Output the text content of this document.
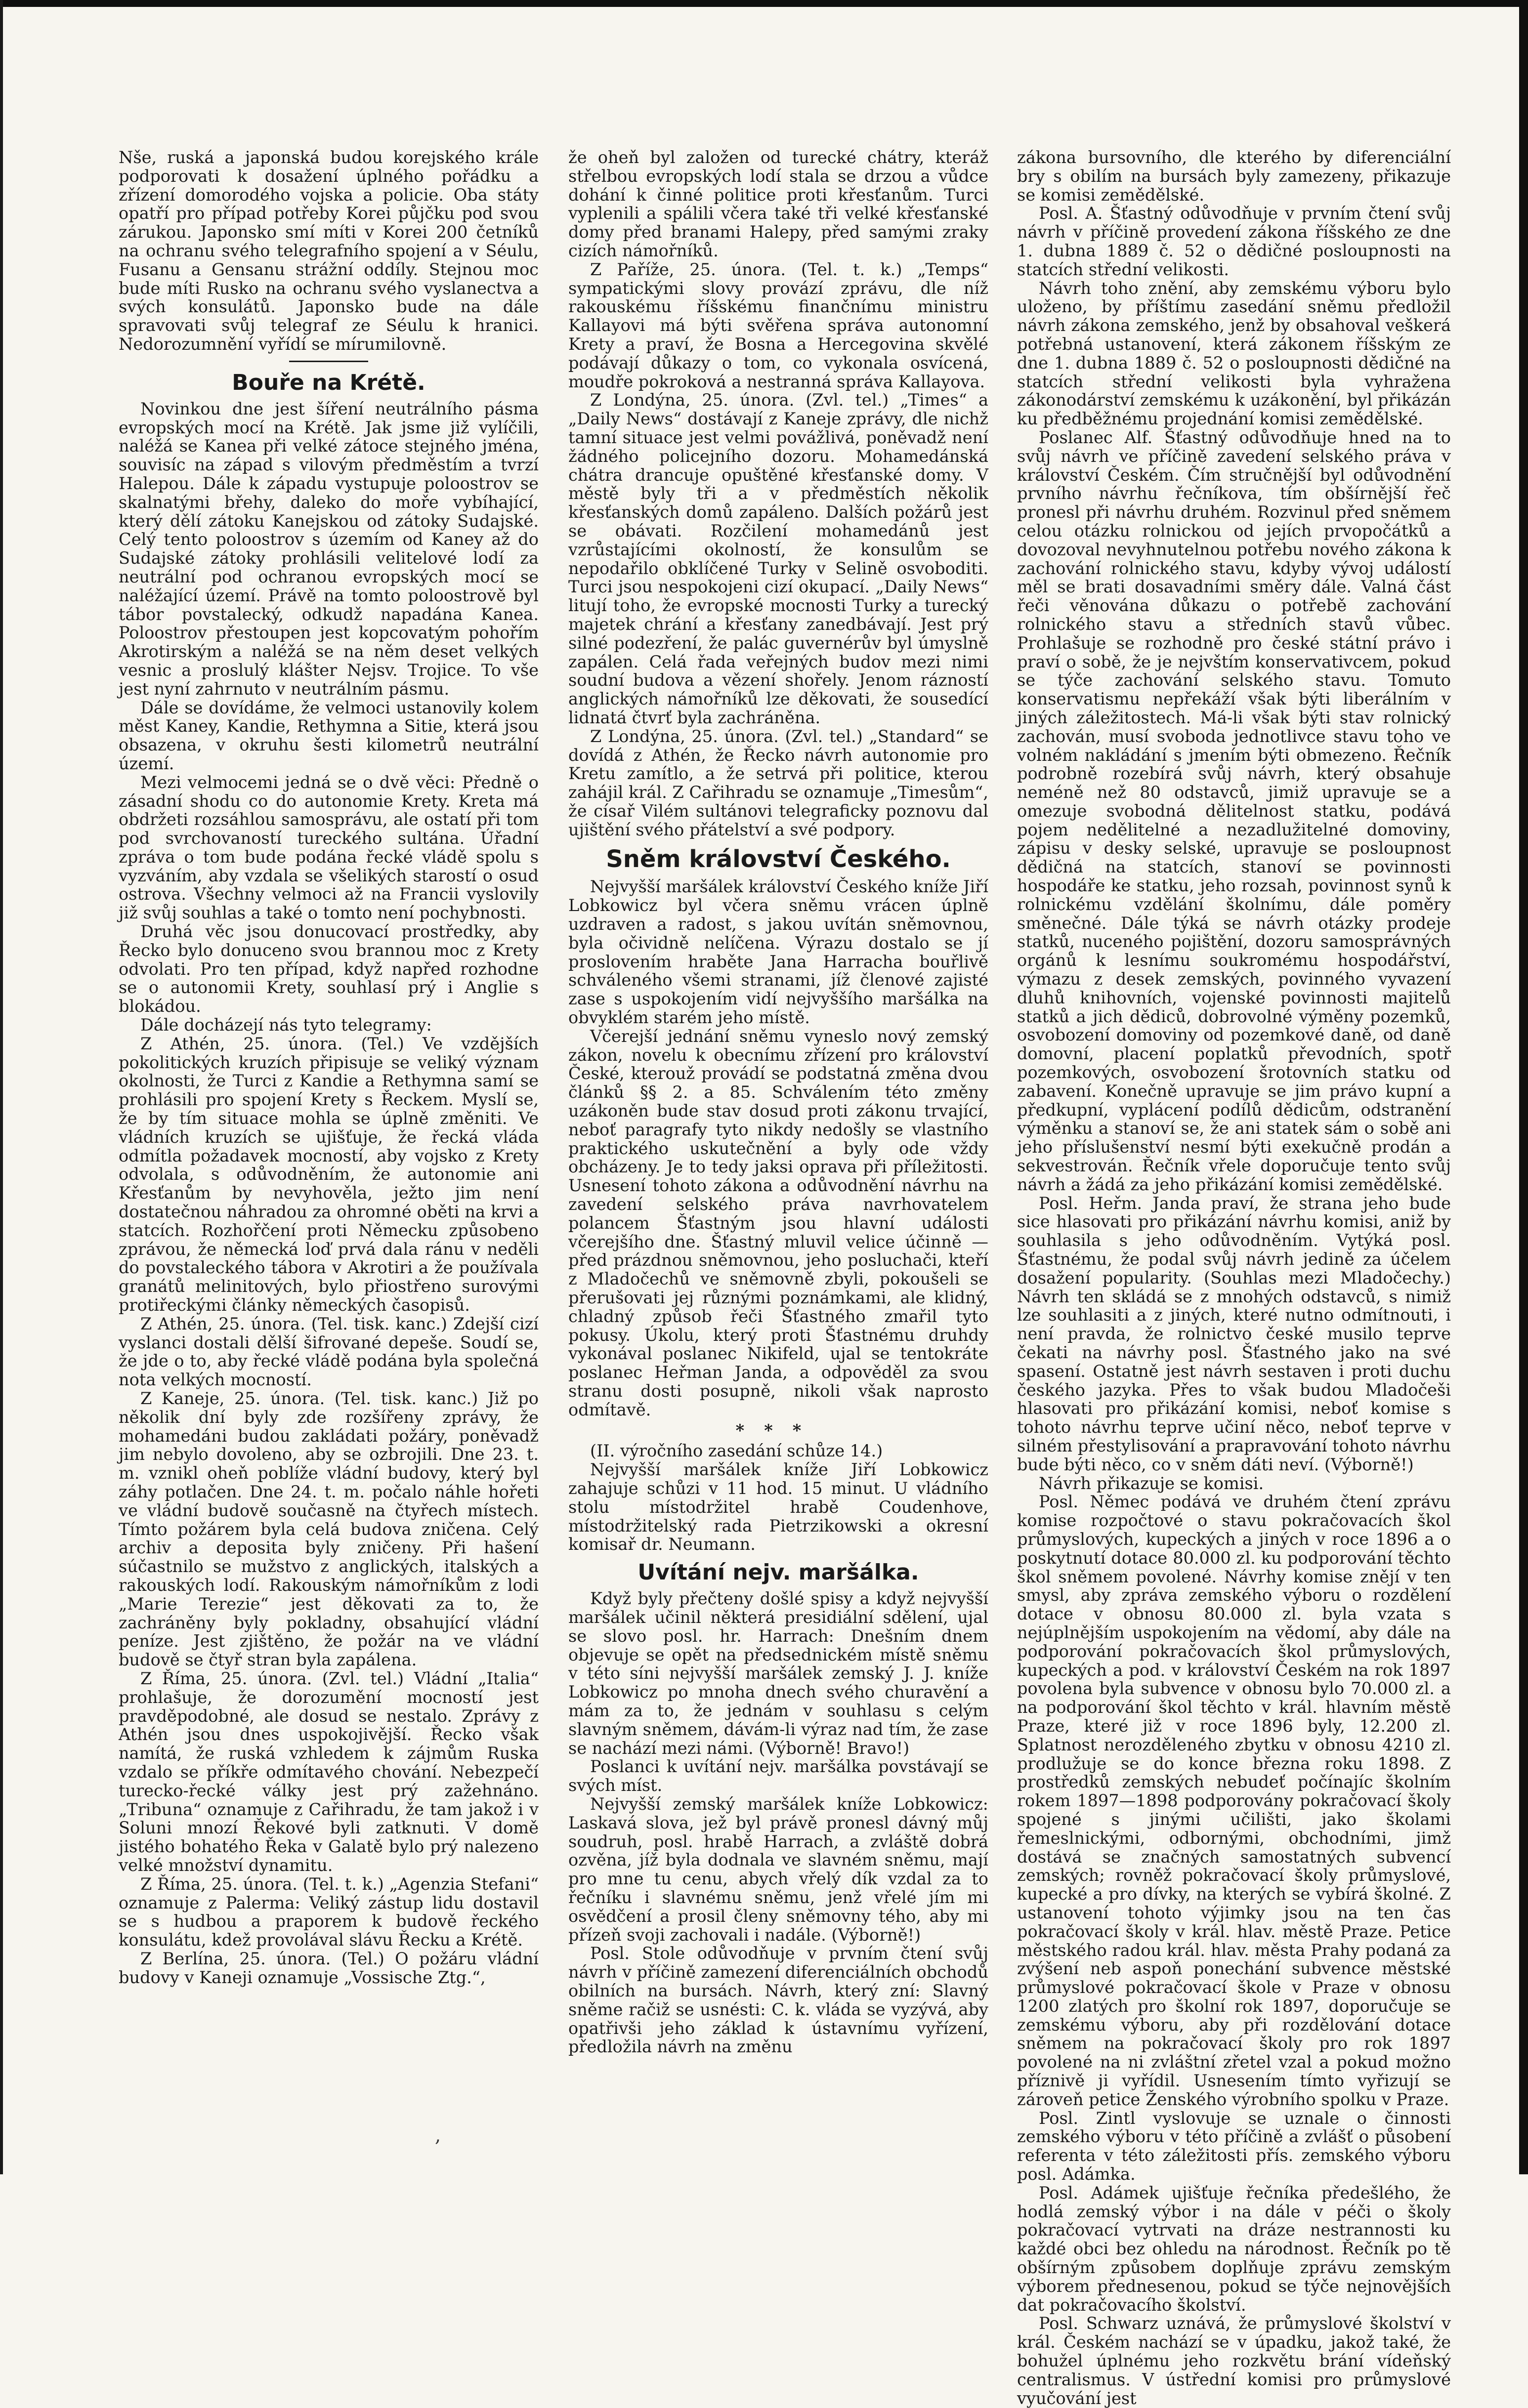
Nše, ruská a japonská budou korejského krále podporovati k dosažení úplného pořádku a zřízení domorodého vojska a policie. Oba státy opatří pro případ potřeby Korei půjčku pod svou zárukou. Japonsko smí míti v Korei 200 četníků na ochranu svého telegrafního spojení a v Séulu, Fusanu a Gensanu strážní oddíly. Stejnou moc bude míti Rusko na ochranu svého vyslanectva a svých konsulátů. Japonsko bude na dále spravovati svůj telegraf ze Séulu k hranici. Nedorozumnění vyřídí se mírumilovně.

Bouře na Krétě.

Novinkou dne jest šíření neutrálního pásma evropských mocí na Krétě. Jak jsme již vylíčili, naléžá se Kanea při velké zátoce stejného jména, souvisíc na západ s vilovým předměstím a tvrzí Halepou. Dále k západu vystupuje poloostrov se skalnatými břehy, daleko do moře vybíhající, který dělí zátoku Kanejskou od zátoky Sudajské. Celý tento poloostrov s územím od Kaney až do Sudajské zátoky prohlásili velitelové lodí za neutrální pod ochranou evropských mocí se naléžající území. Právě na tomto poloostrově byl tábor povstalecký, odkudž napadána Kanea. Poloostrov přestoupen jest kopcovatým pohořím Akrotirským a naléžá se na něm deset velkých vesnic a proslulý klášter Nejsv. Trojice. To vše jest nyní zahrnuto v neutrálním pásmu.

Dále se dovídáme, že velmoci ustanovily kolem měst Kaney, Kandie, Rethymna a Sitie, která jsou obsazena, v okruhu šesti kilometrů neutrální území.

Mezi velmocemi jedná se o dvě věci: Předně o zásadní shodu co do autonomie Krety. Kreta má obdržeti rozsáhlou samosprávu, ale ostatí při tom pod svrchovaností tureckého sultána. Úřadní zpráva o tom bude podána řecké vládě spolu s vyzváním, aby vzdala se všelikých starostí o osud ostrova. Všechny velmoci až na Francii vyslovily již svůj souhlas a také o tomto není pochybnosti.

Druhá věc jsou donucovací prostředky, aby Řecko bylo donuceno svou brannou moc z Krety odvolati. Pro ten případ, když napřed rozhodne se o autonomii Krety, souhlasí prý i Anglie s blokádou.

Dále docházejí nás tyto telegramy:

Z Athén, 25. února. (Tel.) Ve vzdějších pokolitických kruzích připisuje se veliký význam okolnosti, že Turci z Kandie a Rethymna samí se prohlásili pro spojení Krety s Řeckem. Myslí se, že by tím situace mohla se úplně změniti. Ve vládních kruzích se ujišťuje, že řecká vláda odmítla požadavek mocností, aby vojsko z Krety odvolala, s odůvodněním, že autonomie ani Křesťanům by nevyhověla, ježto jim není dostatečnou náhradou za ohromné oběti na krvi a statcích. Rozhořčení proti Německu způsobeno zprávou, že německá loď prvá dala ránu v neděli do povstaleckého tábora v Akrotiri a že používala granátů melinitových, bylo přiostřeno surovými protiřeckými články německých časopisů.

Z Athén, 25. února. (Tel. tisk. kanc.) Zdejší cizí vyslanci dostali dělší šifrované depeše. Soudí se, že jde o to, aby řecké vládě podána byla společná nota velkých mocností.

Z Kaneje, 25. února. (Tel. tisk. kanc.) Již po několik dní byly zde rozšířeny zprávy, že mohamedáni budou zakládati požáry, poněvadž jim nebylo dovoleno, aby se ozbrojili. Dne 23. t. m. vznikl oheň poblíže vládní budovy, který byl záhy potlačen. Dne 24. t. m. počalo náhle hořeti ve vládní budově současně na čtyřech místech. Tímto požárem byla celá budova zničena. Celý archiv a deposita byly zničeny. Při hašení súčastnilo se mužstvo z anglických, italských a rakouských lodí. Rakouským námořníkům z lodi „Marie Terezie“ jest děkovati za to, že zachráněny byly pokladny, obsahující vládní peníze. Jest zjištěno, že požár na ve vládní budově se čtyř stran byla zapálena.

Z Říma, 25. února. (Zvl. tel.) Vládní „Italia“ prohlašuje, že dorozumění mocností jest pravděpodobné, ale dosud se nestalo. Zprávy z Athén jsou dnes uspokojivější. Řecko však namítá, že ruská vzhledem k zájmům Ruska vzdalo se příkře odmítavého chování. Nebezpečí turecko-řecké války jest prý zažehnáno. „Tribuna“ oznamuje z Cařihradu, že tam jakož i v Soluni mnozí Řekové byli zatknuti. V domě jistého bohatého Řeka v Galatě bylo prý nalezeno velké množství dynamitu.

Z Říma, 25. února. (Tel. t. k.) „Agenzia Stefani“ oznamuje z Palerma: Veliký zástup lidu dostavil se s hudbou a praporem k budově řeckého konsulátu, kdež provolával slávu Řecku a Krétě.

Z Berlína, 25. února. (Tel.) O požáru vládní budovy v Kaneji oznamuje „Vossische Ztg.“,

že oheň byl založen od turecké chátry, kteráž střelbou evropských lodí stala se drzou a vůdce dohání k činné politice proti křesťanům. Turci vyplenili a spálili včera také tři velké křesťanské domy před branami Halepy, před samými zraky cizích námořníků.

Z Paříže, 25. února. (Tel. t. k.) „Temps“ sympatickými slovy provází zprávu, dle níž rakouskému říšskému finančnímu ministru Kallayovi má býti svěřena správa autonomní Krety a praví, že Bosna a Hercegovina skvělé podávají důkazy o tom, co vykonala osvícená, moudře pokroková a nestranná správa Kallayova.

Z Londýna, 25. února. (Zvl. tel.) „Times“ a „Daily News“ dostávají z Kaneje zprávy, dle nichž tamní situace jest velmi povážlivá, poněvadž není žádného policejního dozoru. Mohamedánská chátra drancuje opuštěné křesťanské domy. V městě byly tři a v předměstích několik křesťanských domů zapáleno. Dalších požárů jest se obávati. Rozčilení mohamedánů jest vzrůstajícími okolností, že konsulům se nepodařilo obklíčené Turky v Selině osvoboditi. Turci jsou nespokojeni cizí okupací. „Daily News“ litují toho, že evropské mocnosti Turky a turecký majetek chrání a křesťany zanedbávají. Jest prý silné podezření, že palác guvernérův byl úmyslně zapálen. Celá řada veřejných budov mezi nimi soudní budova a vězení shořely. Jenom rázností anglických námořníků lze děkovati, že sousedící lidnatá čtvrť byla zachráněna.

Z Londýna, 25. února. (Zvl. tel.) „Standard“ se dovídá z Athén, že Řecko návrh autonomie pro Kretu zamítlo, a že setrvá při politice, kterou zahájil král. Z Cařihradu se oznamuje „Timesům“, že císař Vilém sultánovi telegraficky poznovu dal ujištění svého přátelství a své podpory.

Sněm království Českého.

Nejvyšší maršálek království Českého kníže Jiří Lobkowicz byl včera sněmu vrácen úplně uzdraven a radost, s jakou uvítán sněmovnou, byla očividně nelíčena. Výrazu dostalo se jí proslovením hraběte Jana Harracha bouřlivě schváleného všemi stranami, jíž členové zajisté zase s uspokojením vidí nejvyššího maršálka na obvyklém starém jeho místě.

Včerejší jednání sněmu vyneslo nový zemský zákon, novelu k obecnímu zřízení pro království České, kterouž provádí se podstatná změna dvou článků §§ 2. a 85. Schválením této změny uzákoněn bude stav dosud proti zákonu trvající, neboť paragrafy tyto nikdy nedošly se vlastního praktického uskutečnění a byly ode vždy obcházeny. Je to tedy jaksi oprava při příležitosti. Usnesení tohoto zákona a odůvodnění návrhu na zavedení selského práva navrhovatelem polancem Šťastným jsou hlavní události včerejšího dne. Šťastný mluvil velice účinně — před prázdnou sněmovnou, jeho posluchači, kteří z Mladočechů ve sněmovně zbyli, pokoušeli se přerušovati jej různými poznámkami, ale klidný, chladný způsob řeči Šťastného zmařil tyto pokusy. Úkolu, který proti Šťastnému druhdy vykonával poslanec Nikifeld, ujal se tentokráte poslanec Heřman Janda, a odpověděl za svou stranu dosti posupně, nikoli však naprosto odmítavě.

***

(II. výročního zasedání schůze 14.)

Nejvyšší maršálek kníže Jiří Lobkowicz zahajuje schůzi v 11 hod. 15 minut. U vládního stolu místodržitel hrabě Coudenhove, místodržitelský rada Pietrzikowski a okresní komisař dr. Neumann.

Uvítání nejv. maršálka.

Když byly přečteny došlé spisy a když nejvyšší maršálek učinil některá presidiální sdělení, ujal se slovo posl. hr. Harrach: Dnešním dnem objevuje se opět na předsednickém místě sněmu v této síni nejvyšší maršálek zemský J. J. kníže Lobkowicz po mnoha dnech svého churavění a mám za to, že jednám v souhlasu s celým slavným sněmem, dávám-li výraz nad tím, že zase se nachází mezi námi. (Výborně! Bravo!)

Poslanci k uvítání nejv. maršálka povstávají se svých míst.

Nejvyšší zemský maršálek kníže Lobkowicz: Laskavá slova, jež byl právě pronesl dávný můj soudruh, posl. hrabě Harrach, a zvláště dobrá ozvěna, jíž byla dodnala ve slavném sněmu, mají pro mne tu cenu, abych vřelý dík vzdal za to řečníku i slavnému sněmu, jenž vřelé jím mi osvědčení a prosil členy sněmovny tého, aby mi přízeň svoji zachovali i nadále. (Výborně!)

Posl. Stole odůvodňuje v prvním čtení svůj návrh v příčině zamezení diferenciálních obchodů obilních na bursách. Návrh, který zní: Slavný sněme račiž se usnésti: C. k. vláda se vyzývá, aby opatřivši jeho základ k ústavnímu vyřízení, předložila návrh na změnu

zákona bursovního, dle kterého by diferenciální bry s obilím na bursách byly zamezeny, přikazuje se komisi zemědělské.

Posl. A. Šťastný odůvodňuje v prvním čtení svůj návrh v příčině provedení zákona říšského ze dne 1. dubna 1889 č. 52 o dědičné posloupnosti na statcích střední velikosti.

Návrh toho znění, aby zemskému výboru bylo uloženo, by příštímu zasedání sněmu předložil návrh zákona zemského, jenž by obsahoval veškerá potřebná ustanovení, která zákonem říšským ze dne 1. dubna 1889 č. 52 o posloupnosti dědičné na statcích střední velikosti byla vyhražena zákonodárství zemskému k uzákonění, byl přikázán ku předběžnému projednání komisi zemědělské.

Poslanec Alf. Šťastný odůvodňuje hned na to svůj návrh ve příčině zavedení selského práva v království Českém. Čím stručnější byl odůvodnění prvního návrhu řečníkova, tím obšírnější řeč pronesl při návrhu druhém. Rozvinul před sněmem celou otázku rolnickou od jejích prvopočátků a dovozoval nevyhnutelnou potřebu nového zákona k zachování rolnického stavu, kdyby vývoj událostí měl se brati dosavadními směry dále. Valná část řeči věnována důkazu o potřebě zachování rolnického stavu a středních stavů vůbec. Prohlašuje se rozhodně pro české státní právo i praví o sobě, že je nejvštím konservativcem, pokud se týče zachování selského stavu. Tomuto konservatismu nepřekáží však býti liberálním v jiných záležitostech. Má-li však býti stav rolnický zachován, musí svoboda jednotlivce stavu toho ve volném nakládání s jmením býti obmezeno. Řečník podrobně rozebírá svůj návrh, který obsahuje neméně než 80 odstavců, jimiž upravuje se a omezuje svobodná dělitelnost statku, podává pojem nedělitelné a nezadlužitelné domoviny, zápisu v desky selské, upravuje se posloupnost dědičná na statcích, stanoví se povinnosti hospodáře ke statku, jeho rozsah, povinnost synů k rolnickému vzdělání školnímu, dále poměry směnečné. Dále týká se návrh otázky prodeje statků, nuceného pojištění, dozoru samosprávných orgánů k lesnímu soukromému hospodářství, výmazu z desek zemských, povinného vyvazení dluhů knihovních, vojenské povinnosti majitelů statků a jich dědiců, dobrovolné výměny pozemků, osvobození domoviny od pozemkové daně, od daně domovní, placení poplatků převodních, spotř pozemkových, osvobození šrotovních statku od zabavení. Konečně upravuje se jim právo kupní a předkupní, vyplácení podílů dědicům, odstranění výměnku a stanoví se, že ani statek sám o sobě ani jeho příslušenství nesmí býti exekučně prodán a sekvestrován. Řečník vřele doporučuje tento svůj návrh a žádá za jeho přikázání komisi zemědělské.

Posl. Heřm. Janda praví, že strana jeho bude sice hlasovati pro přikázání návrhu komisi, aniž by souhlasila s jeho odůvodněním. Vytýká posl. Šťastnému, že podal svůj návrh jedině za účelem dosažení popularity. (Souhlas mezi Mladočechy.) Návrh ten skládá se z mnohých odstavců, s nimiž lze souhlasiti a z jiných, které nutno odmítnouti, i není pravda, že rolnictvo české musilo teprve čekati na návrhy posl. Šťastného jako na své spasení. Ostatně jest návrh sestaven i proti duchu českého jazyka. Přes to však budou Mladočeši hlasovati pro přikázání komisi, neboť komise s tohoto návrhu teprve učiní něco, neboť teprve v silném přestylisování a prapravování tohoto návrhu bude býti něco, co v sněm dáti neví. (Výborně!)

Návrh přikazuje se komisi.

Posl. Němec podává ve druhém čtení zprávu komise rozpočtové o stavu pokračovacích škol průmyslových, kupeckých a jiných v roce 1896 a o poskytnutí dotace 80.000 zl. ku podporování těchto škol sněmem povolené. Návrhy komise znějí v ten smysl, aby zpráva zemského výboru o rozdělení dotace v obnosu 80.000 zl. byla vzata s nejúplnějším uspokojením na vědomí, aby dále na podporování pokračovacích škol průmyslových, kupeckých a pod. v království Českém na rok 1897 povolena byla subvence v obnosu bylo 70.000 zl. a na podporování škol těchto v král. hlavním městě Praze, které již v roce 1896 byly, 12.200 zl. Splatnost nerozděleného zbytku v obnosu 4210 zl. prodlužuje se do konce března roku 1898. Z prostředků zemských nebudeť počínajíc školním rokem 1897—1898 podporovány pokračovací školy spojené s jinými učilišti, jako školami řemeslnickými, odbornými, obchodními, jimž dostává se značných samostatných subvencí zemských; rovněž pokračovací školy průmyslové, kupecké a pro dívky, na kterých se vybírá školné. Z ustanovení tohoto výjimky jsou na ten čas pokračovací školy v král. hlav. městě Praze. Petice městského radou král. hlav. města Prahy podaná za zvýšení neb aspoň ponechání subvence městské průmyslové pokračovací škole v Praze v obnosu 1200 zlatých pro školní rok 1897, doporučuje se zemskému výboru, aby při rozdělování dotace sněmem na pokračovací školy pro rok 1897 povolené na ni zvláštní zřetel vzal a pokud možno příznivě ji vyřídil. Usnesením tímto vyřizují se zároveň petice Ženského výrobního spolku v Praze.

Posl. Zintl vyslovuje se uznale o činnosti zemského výboru v této příčině a zvlášť o působení referenta v této záležitosti přís. zemského výboru posl. Adámka.

Posl. Adámek ujišťuje řečníka předešlého, že hodlá zemský výbor i na dále v péči o školy pokračovací vytrvati na dráze nestrannosti ku každé obci bez ohledu na národnost. Řečník po tě obšírným způsobem doplňuje zprávu zemským výborem přednesenou, pokud se týče nejnovějších dat pokračovacího školství.

Posl. Schwarz uznává, že průmyslové školství v král. Českém nachází se v úpadku, jakož také, že bohužel úplnému jeho rozkvětu brání vídeňský centralismus. V ústřední komisi pro průmyslové vyučování jest

,
